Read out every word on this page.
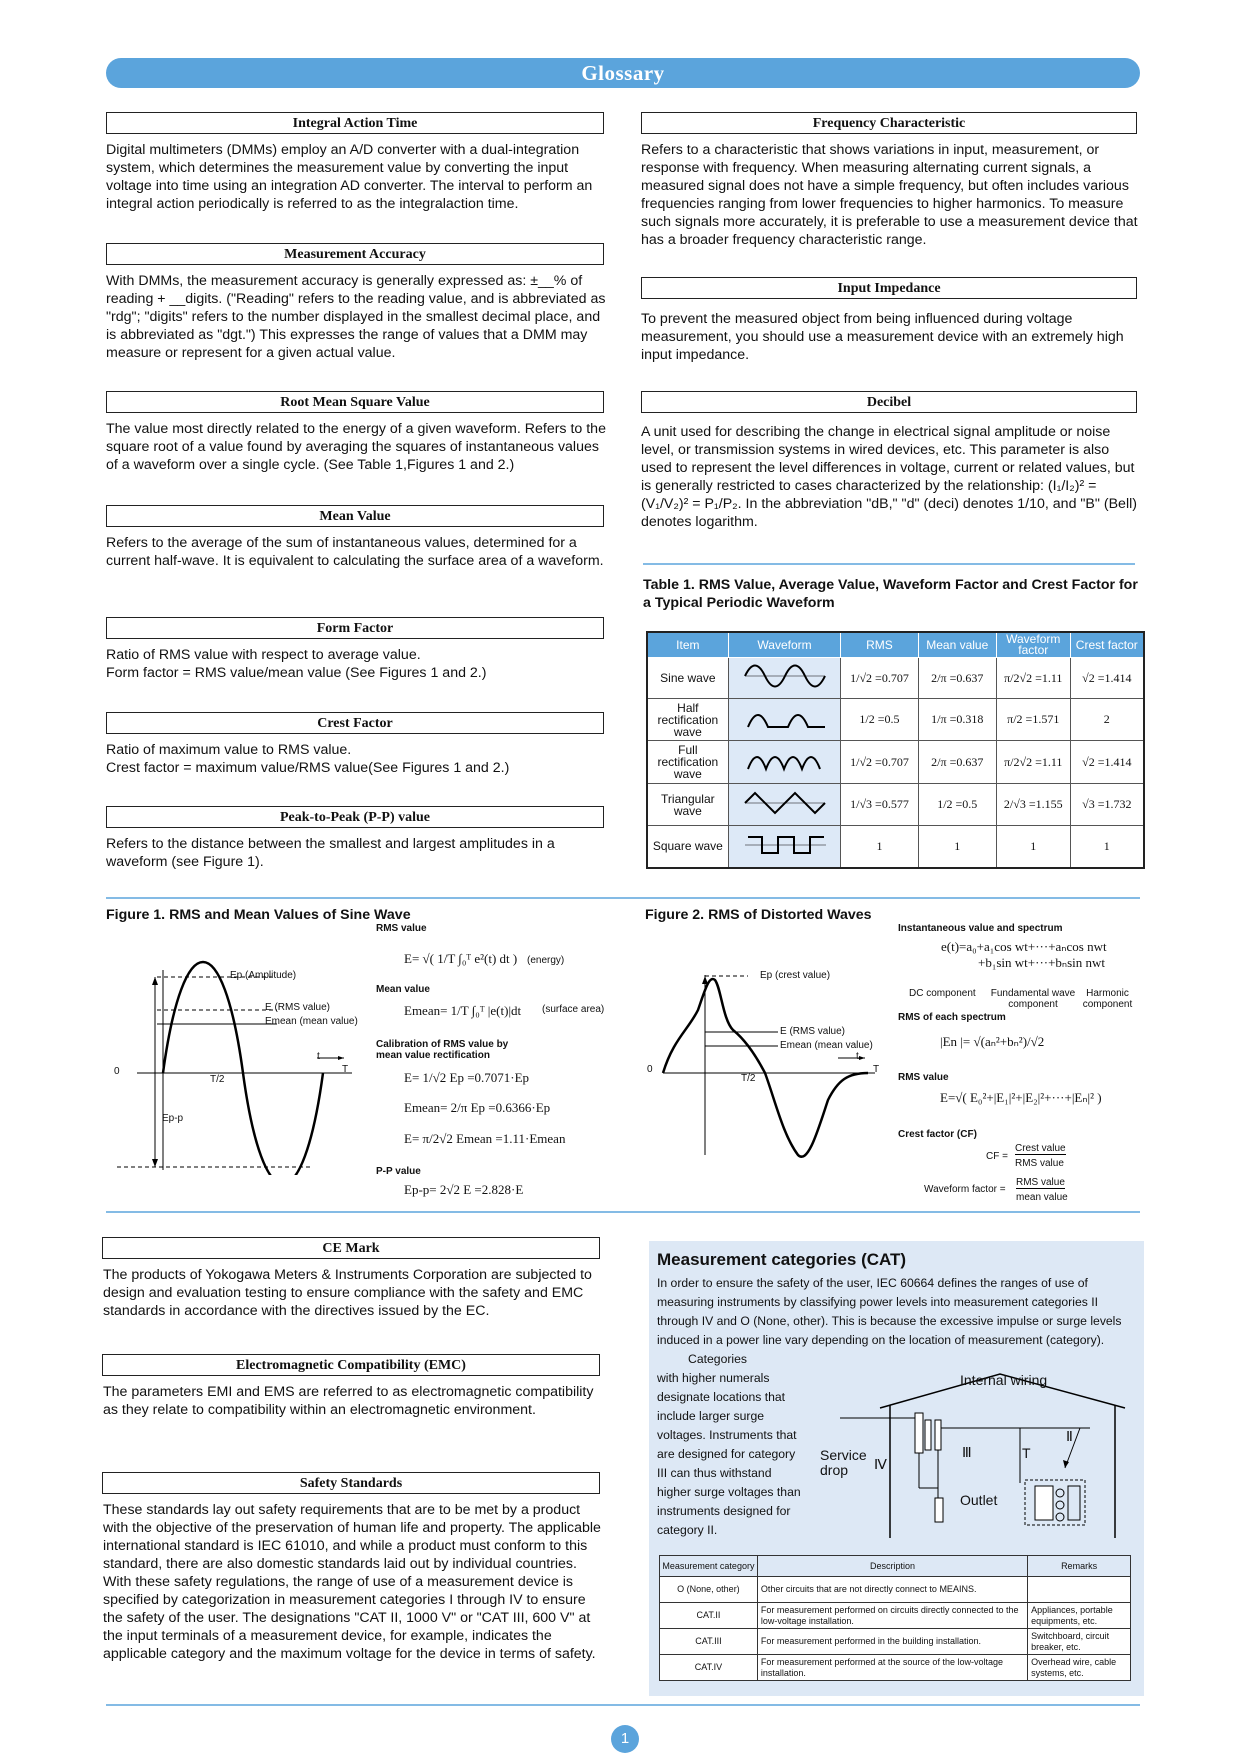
Glossary
Integral Action Time
Digital multimeters (DMMs) employ an A/D converter with a dual-integration system, which determines the measurement value by converting the input voltage into time using an integration AD converter. The interval to perform an integral action periodically is referred to as the integralaction time.
Measurement Accuracy
With DMMs, the measurement accuracy is generally expressed as: ±__% of reading + __digits. ("Reading" refers to the reading value, and is abbreviated as "rdg"; "digits" refers to the number displayed in the smallest decimal place, and is abbreviated as "dgt.") This expresses the range of values that a DMM may measure or represent for a given actual value.
Root Mean Square Value
The value most directly related to the energy of a given waveform. Refers to the square root of a value found by averaging the squares of instantaneous values of a waveform over a single cycle. (See Table 1,Figures 1 and 2.)
Mean Value
Refers to the average of the sum of instantaneous values, determined for a current half-wave. It is equivalent to calculating the surface area of a waveform.
Form Factor
Ratio of RMS value with respect to average value.
Form factor = RMS value/mean value (See Figures 1 and 2.)
Crest Factor
Ratio of maximum value to RMS value.
Crest factor = maximum value/RMS value(See Figures 1 and 2.)
Peak-to-Peak (P-P) value
Refers to the distance between the smallest and largest amplitudes in a waveform (see Figure 1).
Frequency Characteristic
Refers to a characteristic that shows variations in input, measurement, or response with frequency. When measuring alternating current signals, a measured signal does not have a simple frequency, but often includes various frequencies ranging from lower frequencies to higher harmonics. To measure such signals more accurately, it is preferable to use a measurement device that has a broader frequency characteristic range.
Input Impedance
To prevent the measured object from being influenced during voltage measurement, you should use a measurement device with an extremely high input impedance.
Decibel
A unit used for describing the change in electrical signal amplitude or noise level, or transmission systems in wired devices, etc. This parameter is also used to represent the level differences in voltage, current or related values, but is generally restricted to cases characterized by the relationship: (I₁/I₂)² = (V₁/V₂)² = P₁/P₂. In the abbreviation "dB," "d" (deci) denotes 1/10, and "B" (Bell) denotes logarithm.
Table 1. RMS Value, Average Value, Waveform Factor and Crest Factor for a Typical Periodic Waveform
Item	Waveform	RMS	Mean value	Waveform factor	Crest factor
Sine wave		1/√2 =0.707	2/π =0.637	π/2√2 =1.11	√2 =1.414
Half rectification wave		1/2 =0.5	1/π =0.318	π/2 =1.571	2
Full rectification wave		1/√2 =0.707	2/π =0.637	π/2√2 =1.11	√2 =1.414
Triangular wave		1/√3 =0.577	1/2 =0.5	2/√3 =1.155	√3 =1.732
Square wave		1	1	1	1
Figure 1. RMS and Mean Values of Sine Wave
Ep (Amplitude)
E (RMS value)
Emean (mean value)
Ep-p
0
T/2
T
t
RMS value
E= √( 1/T ∫₀ᵀ e²(t) dt ) (energy)
Mean value
Emean= 1/T ∫₀ᵀ |e(t)|dt (surface area)
Calibration of RMS value by mean value rectification
E= 1/√2 Ep =0.7071·Ep
Emean= 2/π Ep =0.6366·Ep
E= π/2√2 Emean =1.11·Emean
P-P value
Ep-p= 2√2 E =2.828·E
Figure 2. RMS of Distorted Waves
Ep (crest value)
E (RMS value)
Emean (mean value)
0
T/2
T
t
Instantaneous value and spectrum
e(t)=a₀+a₁cos wt+···+aₙcos nwt
+b₁sin wt+···+bₙsin nwt
DC component Fundamental wave component
Harmonic component
RMS of each spectrum
|En |= √(aₙ²+bₙ²)/√2
RMS value
E=√( E₀²+|E₁|²+|E₂|²+···+|Eₙ|² )
Crest factor (CF)
CF =
Crest value
RMS value
Waveform factor =
RMS value
mean value
CE Mark
The products of Yokogawa Meters & Instruments Corporation are subjected to design and evaluation testing to ensure compliance with the safety and EMC standards in accordance with the directives issued by the EC.
Electromagnetic Compatibility (EMC)
The parameters EMI and EMS are referred to as electromagnetic compatibility as they relate to compatibility within an electromagnetic environment.
Safety Standards
These standards lay out safety requirements that are to be met by a product with the objective of the preservation of human life and property. The applicable international standard is IEC 61010, and while a product must conform to this standard, there are also domestic standards laid out by individual countries. With these safety regulations, the range of use of a measurement device is specified by categorization in measurement categories I through IV to ensure the safety of the user. The designations "CAT II, 1000 V" or "CAT III, 600 V" at the input terminals of a measurement device, for example, indicates the applicable category and the maximum voltage for the device in terms of safety.
Measurement categories (CAT)
In order to ensure the safety of the user, IEC 60664 defines the ranges of use of measuring instruments by classifying power levels into measurement categories II through IV and O (None, other). This is because the excessive impulse or surge levels induced in a power line vary depending on the location of measurement (category).
Categories
with higher numerals
designate locations that
include larger surge
voltages. Instruments that
are designed for category
III can thus withstand
higher surge voltages than
instruments designed for
category II.
Internal wiring
Service
drop
Outlet
Ⅱ
Ⅲ
Ⅳ
T
Measurement category	Description	Remarks
O (None, other)	Other circuits that are not directly connect to MEAINS.	
CAT.II	For measurement performed on circuits directly connected to the low-voltage installation.	Appliances, portable equipments, etc.
CAT.III	For measurement performed in the building installation.	Switchboard, circuit breaker, etc.
CAT.IV	For measurement performed at the source of the low-voltage installation.	Overhead wire, cable systems, etc.
1
